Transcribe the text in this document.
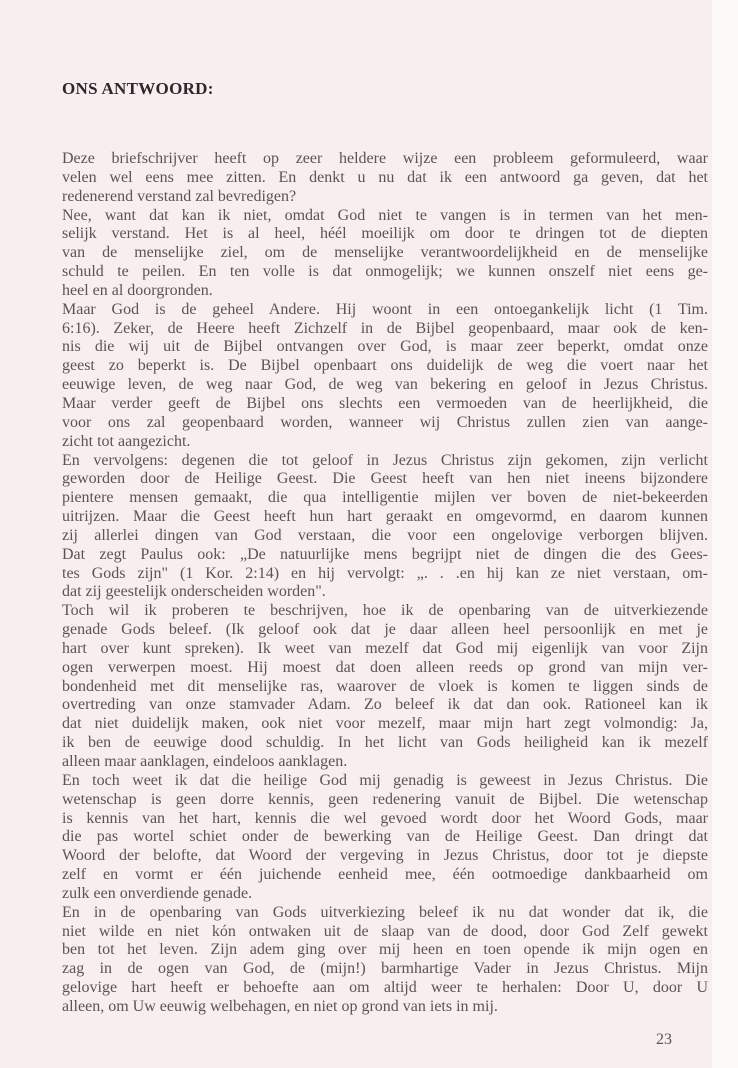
ONS ANTWOORD:
Deze briefschrijver heeft op zeer heldere wijze een probleem geformuleerd, waar
velen wel eens mee zitten. En denkt u nu dat ik een antwoord ga geven, dat het
redenerend verstand zal bevredigen?
Nee, want dat kan ik niet, omdat God niet te vangen is in termen van het men-
selijk verstand. Het is al heel, héél moeilijk om door te dringen tot de diepten
van de menselijke ziel, om de menselijke verantwoordelijkheid en de menselijke
schuld te peilen. En ten volle is dat onmogelijk; we kunnen onszelf niet eens ge-
heel en al doorgronden.
Maar God is de geheel Andere. Hij woont in een ontoegankelijk licht (1 Tim.
6:16). Zeker, de Heere heeft Zichzelf in de Bijbel geopenbaard, maar ook de ken-
nis die wij uit de Bijbel ontvangen over God, is maar zeer beperkt, omdat onze
geest zo beperkt is. De Bijbel openbaart ons duidelijk de weg die voert naar het
eeuwige leven, de weg naar God, de weg van bekering en geloof in Jezus Christus.
Maar verder geeft de Bijbel ons slechts een vermoeden van de heerlijkheid, die
voor ons zal geopenbaard worden, wanneer wij Christus zullen zien van aange-
zicht tot aangezicht.
En vervolgens: degenen die tot geloof in Jezus Christus zijn gekomen, zijn verlicht
geworden door de Heilige Geest. Die Geest heeft van hen niet ineens bijzondere
pientere mensen gemaakt, die qua intelligentie mijlen ver boven de niet-bekeerden
uitrijzen. Maar die Geest heeft hun hart geraakt en omgevormd, en daarom kunnen
zij allerlei dingen van God verstaan, die voor een ongelovige verborgen blijven.
Dat zegt Paulus ook: „De natuurlijke mens begrijpt niet de dingen die des Gees-
tes Gods zijn" (1 Kor. 2:14) en hij vervolgt: „. . .en hij kan ze niet verstaan, om-
dat zij geestelijk onderscheiden worden".
Toch wil ik proberen te beschrijven, hoe ik de openbaring van de uitverkiezende
genade Gods beleef. (Ik geloof ook dat je daar alleen heel persoonlijk en met je
hart over kunt spreken). Ik weet van mezelf dat God mij eigenlijk van voor Zijn
ogen verwerpen moest. Hij moest dat doen alleen reeds op grond van mijn ver-
bondenheid met dit menselijke ras, waarover de vloek is komen te liggen sinds de
overtreding van onze stamvader Adam. Zo beleef ik dat dan ook. Rationeel kan ik
dat niet duidelijk maken, ook niet voor mezelf, maar mijn hart zegt volmondig: Ja,
ik ben de eeuwige dood schuldig. In het licht van Gods heiligheid kan ik mezelf
alleen maar aanklagen, eindeloos aanklagen.
En toch weet ik dat die heilige God mij genadig is geweest in Jezus Christus. Die
wetenschap is geen dorre kennis, geen redenering vanuit de Bijbel. Die wetenschap
is kennis van het hart, kennis die wel gevoed wordt door het Woord Gods, maar
die pas wortel schiet onder de bewerking van de Heilige Geest. Dan dringt dat
Woord der belofte, dat Woord der vergeving in Jezus Christus, door tot je diepste
zelf en vormt er één juichende eenheid mee, één ootmoedige dankbaarheid om
zulk een onverdiende genade.
En in de openbaring van Gods uitverkiezing beleef ik nu dat wonder dat ik, die
niet wilde en niet kón ontwaken uit de slaap van de dood, door God Zelf gewekt
ben tot het leven. Zijn adem ging over mij heen en toen opende ik mijn ogen en
zag in de ogen van God, de (mijn!) barmhartige Vader in Jezus Christus. Mijn
gelovige hart heeft er behoefte aan om altijd weer te herhalen: Door U, door U
alleen, om Uw eeuwig welbehagen, en niet op grond van iets in mij.
23
